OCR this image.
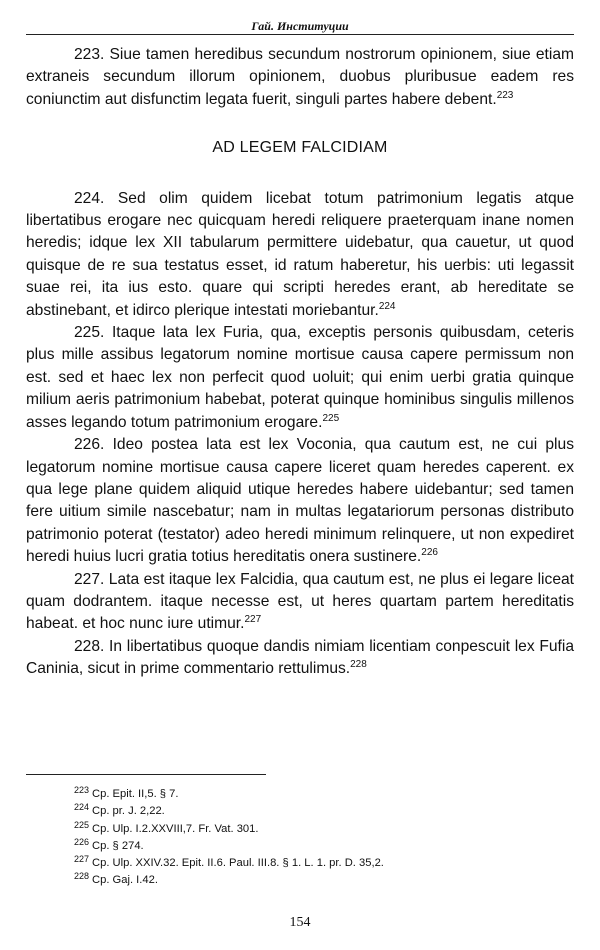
Гай. Институции

223. Siue tamen heredibus secundum nostrorum opinionem, siue etiam extraneis secundum illorum opinionem, duobus pluribusue eadem res coniunctim aut disfunctim legata fuerit, singuli partes habere debent.$^{223}$

AD LEGEM FALCIDIAM

224. Sed olim quidem licebat totum patrimonium legatis atque libertatibus erogare nec quicquam heredi reliquere praeterquam inane nomen heredis; idque lex XII tabularum permittere uidebatur, qua cauetur, ut quod quisque de re sua testatus esset, id ratum haberetur, his uerbis: uti legassit suae rei, ita ius esto. quare qui scripti heredes erant, ab hereditate se abstinebant, et idirco plerique intestati moriebantur.$^{224}$

225. Itaque lata lex Furia, qua, exceptis personis quibusdam, ceteris plus mille assibus legatorum nomine mortisue causa capere permissum non est. sed et haec lex non perfecit quod uoluit; qui enim uerbi gratia quinque milium aeris patrimonium habebat, poterat quinque hominibus singulis millenos asses legando totum patrimonium erogare.$^{225}$

226. Ideo postea lata est lex Voconia, qua cautum est, ne cui plus legatorum nomine mortisue causa capere liceret quam heredes caperent. ex qua lege plane quidem aliquid utique heredes habere uidebantur; sed tamen fere uitium simile nascebatur; nam in multas legatariorum personas distributo patrimonio poterat (testator) adeo heredi minimum relinquere, ut non expediret heredi huius lucri gratia totius hereditatis onera sustinere.$^{226}$

227. Lata est itaque lex Falcidia, qua cautum est, ne plus ei legare liceat quam dodrantem. itaque necesse est, ut heres quartam partem hereditatis habeat. et hoc nunc iure utimur.$^{227}$

228. In libertatibus quoque dandis nimiam licentiam conpescuit lex Fufia Caninia, sicut in prime commentario rettulimus.$^{228}$

$^{223}$ Cp. Epit. II,5. § 7.
$^{224}$ Cp. pr. J. 2,22.
$^{225}$ Cp. Ulp. I.2.XXVIII,7. Fr. Vat. 301.
$^{226}$ Cp. § 274.
$^{227}$ Cp. Ulp. XXIV.32. Epit. II.6. Paul. III.8. § 1. L. 1. pr. D. 35,2.
$^{228}$ Cp. Gaj. I.42.
154
